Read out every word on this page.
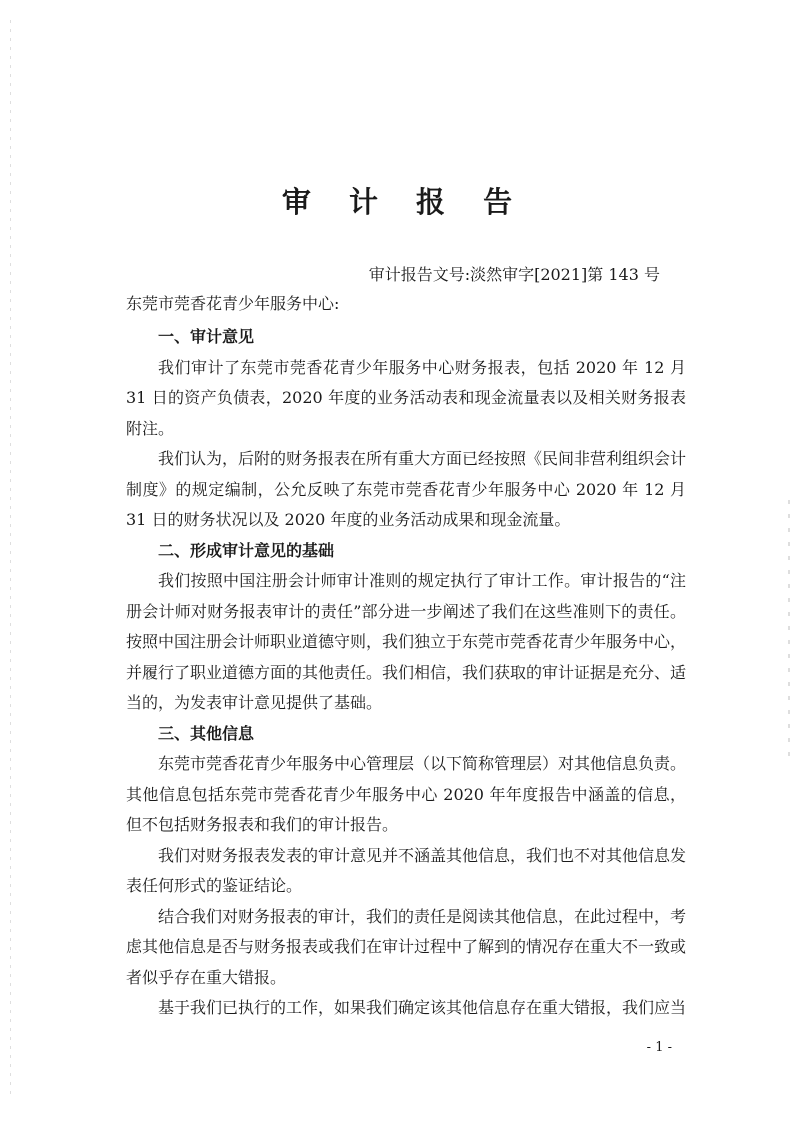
审 计 报 告
审计报告文号:淡然审字[2021]第 143 号
东莞市莞香花青少年服务中心:
一、审计意见

我们审计了东莞市莞香花青少年服务中心财务报表，包括 2020 年 12 月 31 日的资产负债表，2020 年度的业务活动表和现金流量表以及相关财务报表附注。

我们认为，后附的财务报表在所有重大方面已经按照《民间非营利组织会计制度》的规定编制，公允反映了东莞市莞香花青少年服务中心 2020 年 12 月 31 日的财务状况以及 2020 年度的业务活动成果和现金流量。

二、形成审计意见的基础

我们按照中国注册会计师审计准则的规定执行了审计工作。审计报告的“注册会计师对财务报表审计的责任”部分进一步阐述了我们在这些准则下的责任。按照中国注册会计师职业道德守则，我们独立于东莞市莞香花青少年服务中心，并履行了职业道德方面的其他责任。我们相信，我们获取的审计证据是充分、适当的，为发表审计意见提供了基础。

三、其他信息

东莞市莞香花青少年服务中心管理层（以下简称管理层）对其他信息负责。其他信息包括东莞市莞香花青少年服务中心 2020 年年度报告中涵盖的信息，但不包括财务报表和我们的审计报告。

我们对财务报表发表的审计意见并不涵盖其他信息，我们也不对其他信息发表任何形式的鉴证结论。

结合我们对财务报表的审计，我们的责任是阅读其他信息，在此过程中，考虑其他信息是否与财务报表或我们在审计过程中了解到的情况存在重大不一致或者似乎存在重大错报。

基于我们已执行的工作，如果我们确定该其他信息存在重大错报，我们应当

- 1 -
